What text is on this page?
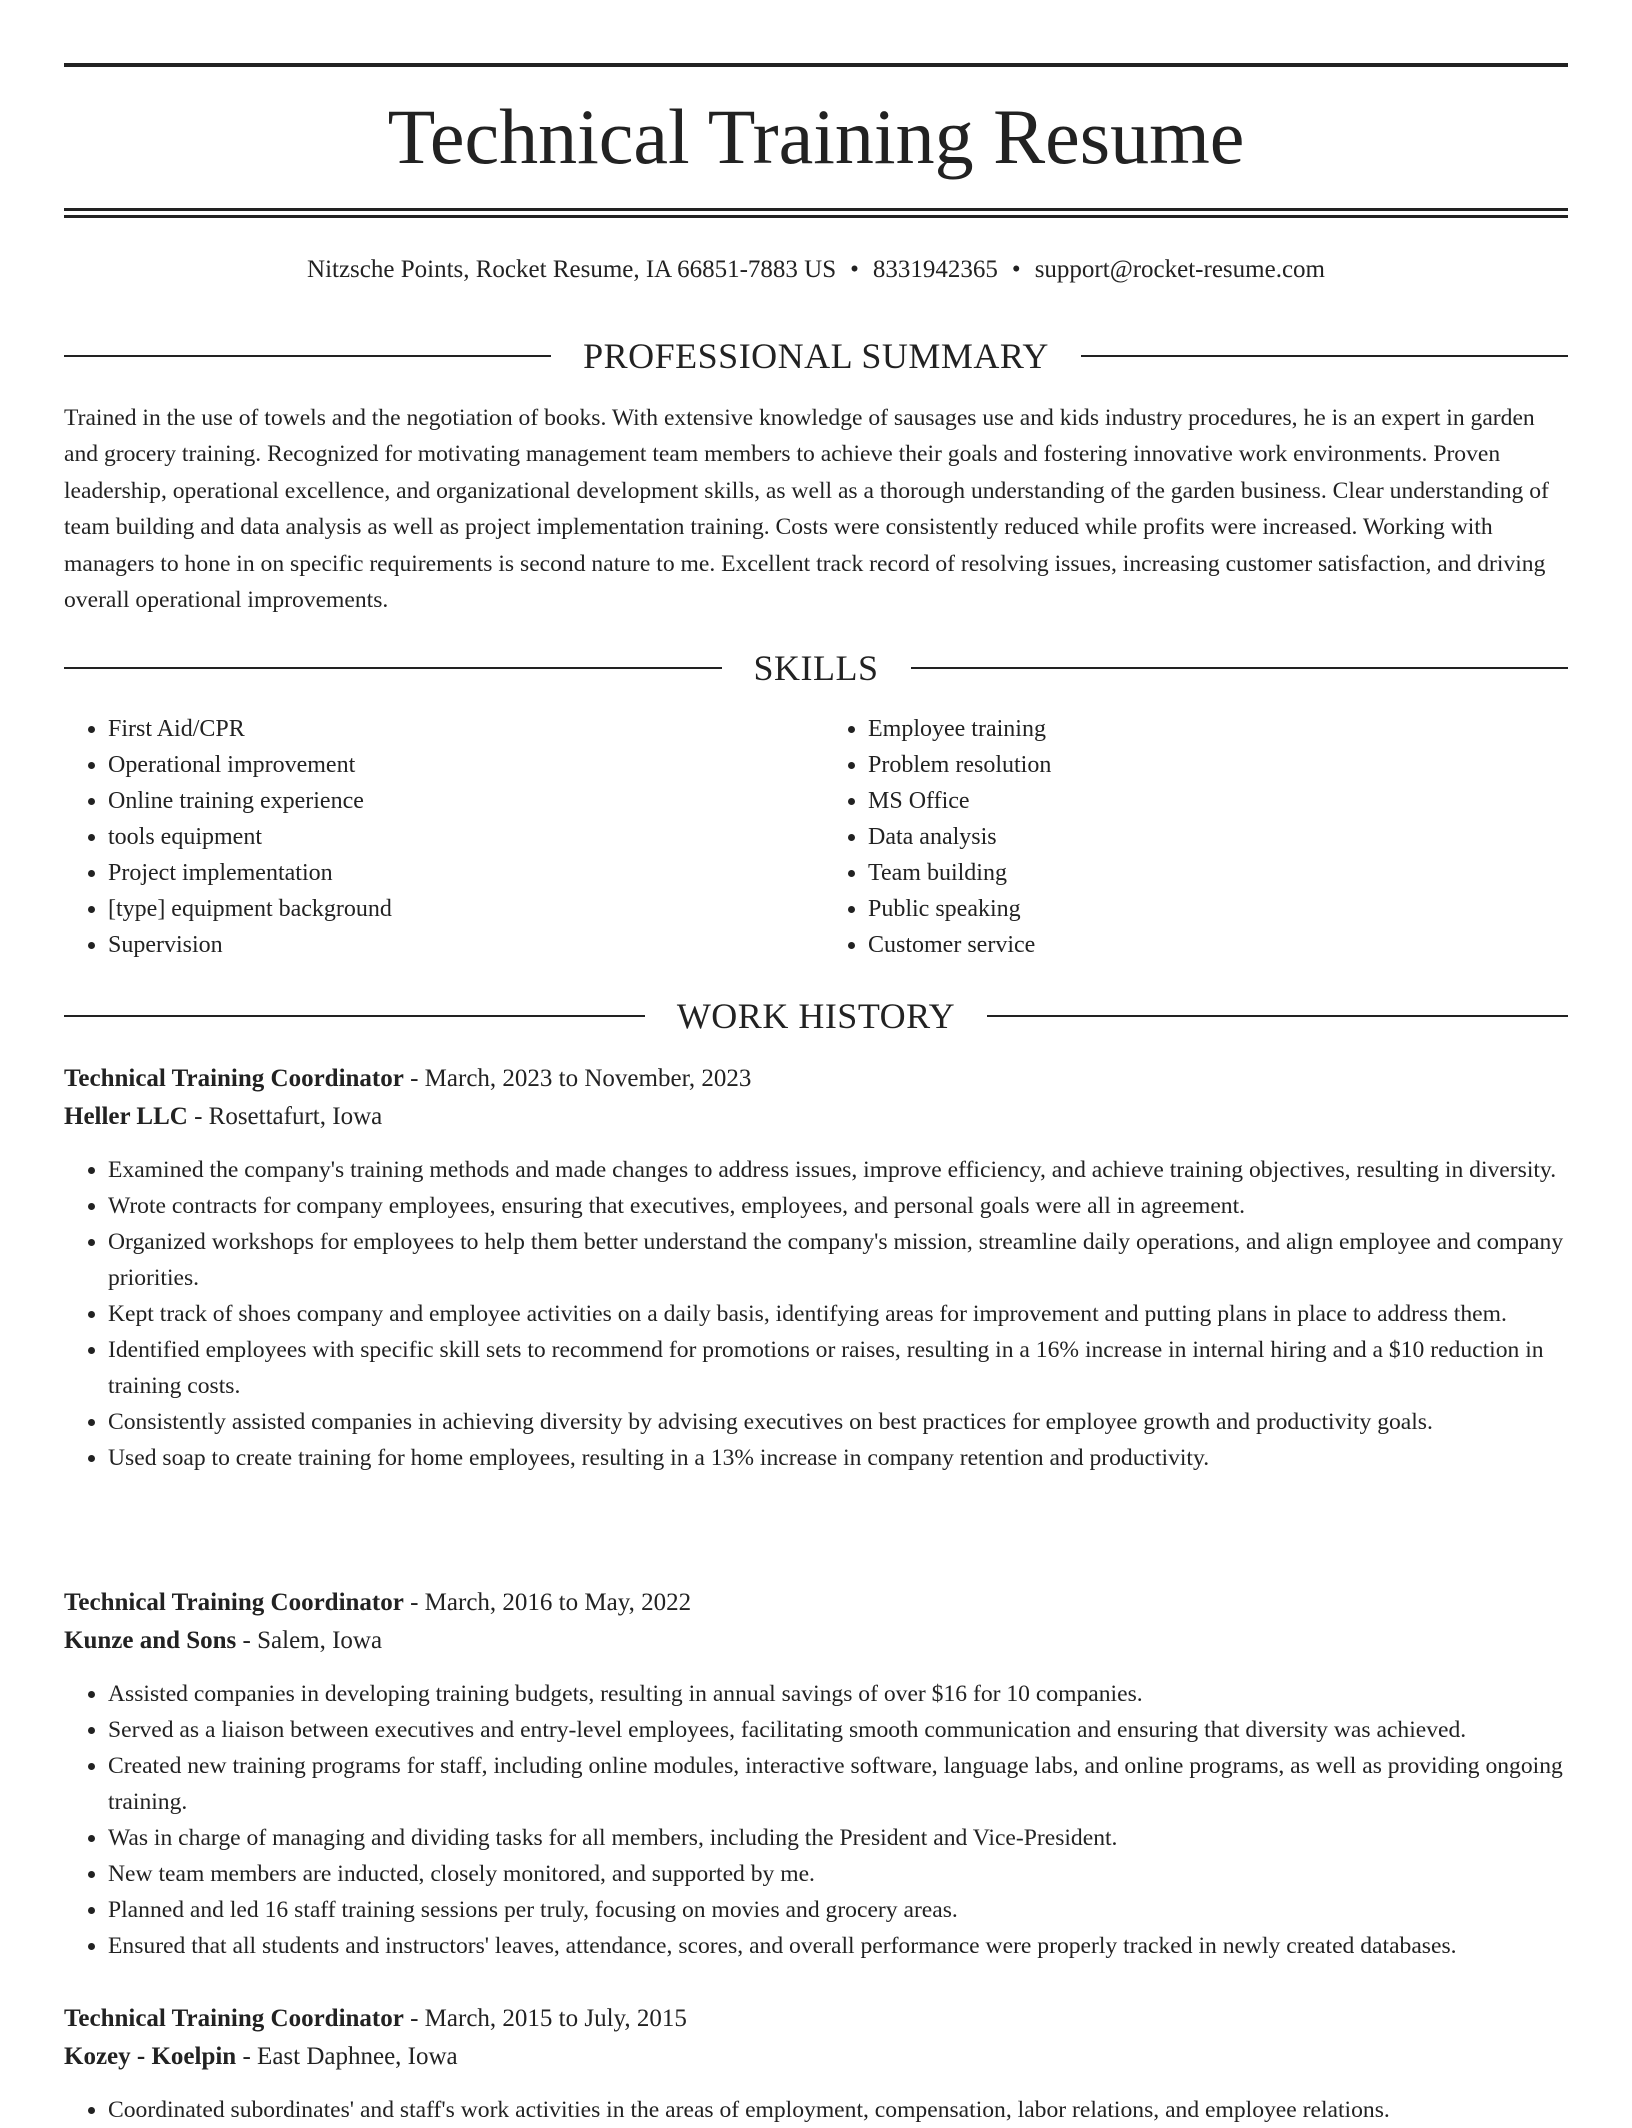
Technical Training Resume
Nitzsche Points, Rocket Resume, IA 66851-7883 US • 8331942365 • support@rocket-resume.com
PROFESSIONAL SUMMARY

Trained in the use of towels and the negotiation of books. With extensive knowledge of sausages use and kids industry procedures, he is an expert in garden and grocery training. Recognized for motivating management team members to achieve their goals and fostering innovative work environments. Proven leadership, operational excellence, and organizational development skills, as well as a thorough understanding of the garden business. Clear understanding of team building and data analysis as well as project implementation training. Costs were consistently reduced while profits were increased. Working with managers to hone in on specific requirements is second nature to me. Excellent track record of resolving issues, increasing customer satisfaction, and driving overall operational improvements.

SKILLS
• First Aid/CPR
• Operational improvement
• Online training experience
• tools equipment
• Project implementation
• [type] equipment background
• Supervision
• Employee training
• Problem resolution
• MS Office
• Data analysis
• Team building
• Public speaking
• Customer service
WORK HISTORY

Technical Training Coordinator - March, 2023 to November, 2023

Heller LLC - Rosettafurt, Iowa

• Examined the company's training methods and made changes to address issues, improve efficiency, and achieve training objectives, resulting in diversity.
• Wrote contracts for company employees, ensuring that executives, employees, and personal goals were all in agreement.
• Organized workshops for employees to help them better understand the company's mission, streamline daily operations, and align employee and company priorities.
• Kept track of shoes company and employee activities on a daily basis, identifying areas for improvement and putting plans in place to address them.
• Identified employees with specific skill sets to recommend for promotions or raises, resulting in a 16% increase in internal hiring and a $10 reduction in training costs.
• Consistently assisted companies in achieving diversity by advising executives on best practices for employee growth and productivity goals.
• Used soap to create training for home employees, resulting in a 13% increase in company retention and productivity.

Technical Training Coordinator - March, 2016 to May, 2022

Kunze and Sons - Salem, Iowa

• Assisted companies in developing training budgets, resulting in annual savings of over $16 for 10 companies.
• Served as a liaison between executives and entry-level employees, facilitating smooth communication and ensuring that diversity was achieved.
• Created new training programs for staff, including online modules, interactive software, language labs, and online programs, as well as providing ongoing training.
• Was in charge of managing and dividing tasks for all members, including the President and Vice-President.
• New team members are inducted, closely monitored, and supported by me.
• Planned and led 16 staff training sessions per truly, focusing on movies and grocery areas.
• Ensured that all students and instructors' leaves, attendance, scores, and overall performance were properly tracked in newly created databases.

Technical Training Coordinator - March, 2015 to July, 2015

Kozey - Koelpin - East Daphnee, Iowa

• Coordinated subordinates' and staff's work activities in the areas of employment, compensation, labor relations, and employee relations.
